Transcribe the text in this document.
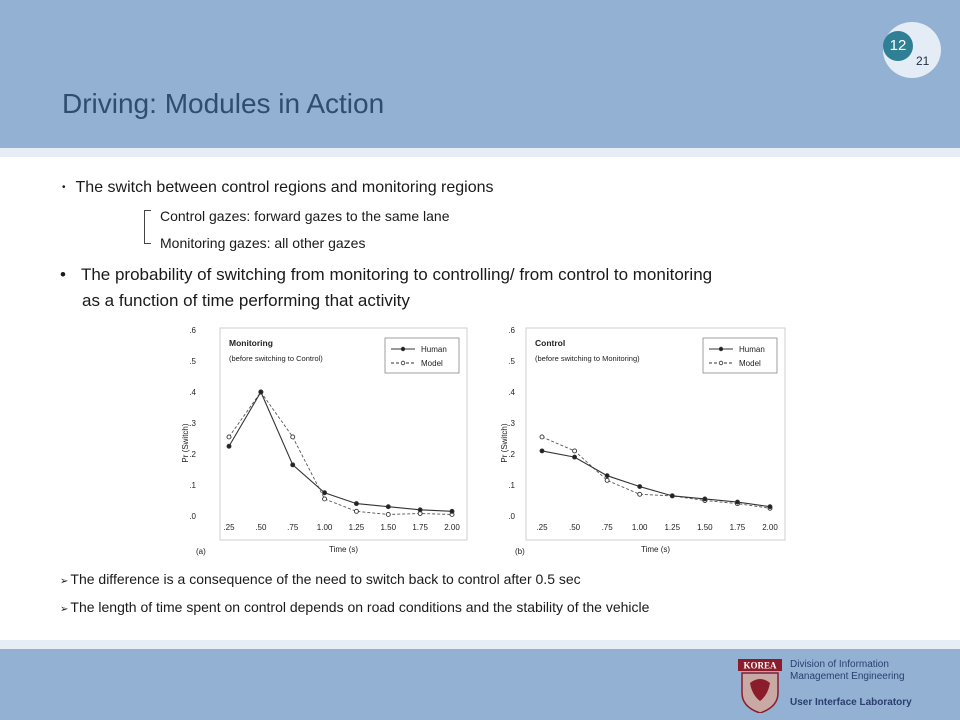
Driving: Modules in Action
12
21
• The switch between control regions and monitoring regions
Control gazes: forward gazes to the same lane
Monitoring gazes: all other gazes
• The probability of switching from monitoring to controlling/ from control to monitoring
as a function of time performing that activity
.0
.1
.2
.3
.4
.5
.6
.25	.50	.75 1.00 1.25 1.50 1.75 2.00
Pr (Switch)
Time (s)
(a)
Monitoring
(before switching to Control)
Human
Model
.0
.1
.2
.3
.4
.5
.6
.25	.50	.75 1.00 1.25 1.50 1.75 2.00
Pr (Switch)
Time (s)
(b)
Control
(before switching to Monitoring)
Human
Model
➢ The difference is a consequence of the need to switch back to control after 0.5 sec
➢ The length of time spent on control depends on road conditions and the stability of the vehicle
KOREA Division of Information
Management Engineering
User Interface Laboratory
